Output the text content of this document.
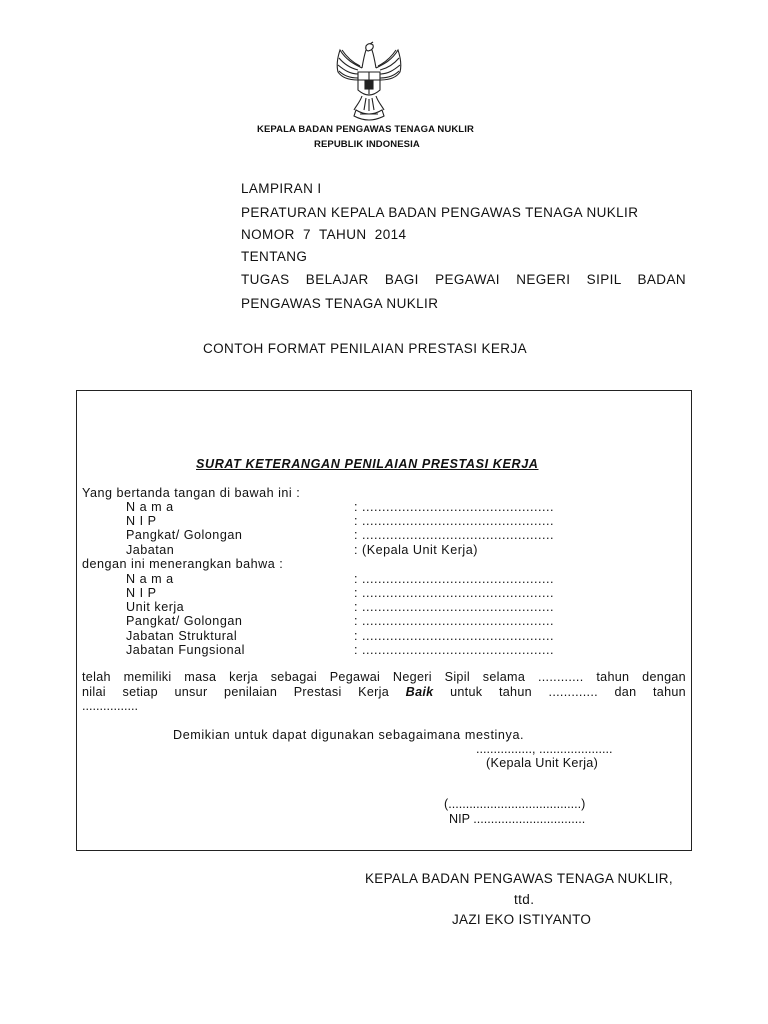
KEPALA BADAN PENGAWAS TENAGA NUKLIR
REPUBLIK INDONESIA
LAMPIRAN I
PERATURAN KEPALA BADAN PENGAWAS TENAGA NUKLIR
NOMOR  7  TAHUN  2014
TENTANG
TUGAS  BELAJAR  BAGI  PEGAWAI  NEGERI  SIPIL  BADAN
PENGAWAS TENAGA NUKLIR
CONTOH FORMAT PENILAIAN PRESTASI KERJA
SURAT KETERANGAN PENILAIAN PRESTASI KERJA
Yang bertanda tangan di bawah ini :
N a m a	: ................................................
N I P	: ................................................
Pangkat/ Golongan	: ................................................
Jabatan	: (Kepala Unit Kerja)
dengan ini menerangkan bahwa :
N a m a	: ................................................
N I P	: ................................................
Unit kerja	: ................................................
Pangkat/ Golongan	: ................................................
Jabatan Struktural	: ................................................
Jabatan Fungsional	: ................................................
telah memiliki masa kerja sebagai Pegawai Negeri Sipil selama ............ tahun dengan
nilai setiap unsur penilaian Prestasi Kerja Baik untuk tahun ............. dan tahun
................
Demikian untuk dapat digunakan sebagaimana mestinya.
................, .....................
(Kepala Unit Kerja)
(......................................)
NIP ................................
KEPALA BADAN PENGAWAS TENAGA NUKLIR,
ttd.
JAZI EKO ISTIYANTO
